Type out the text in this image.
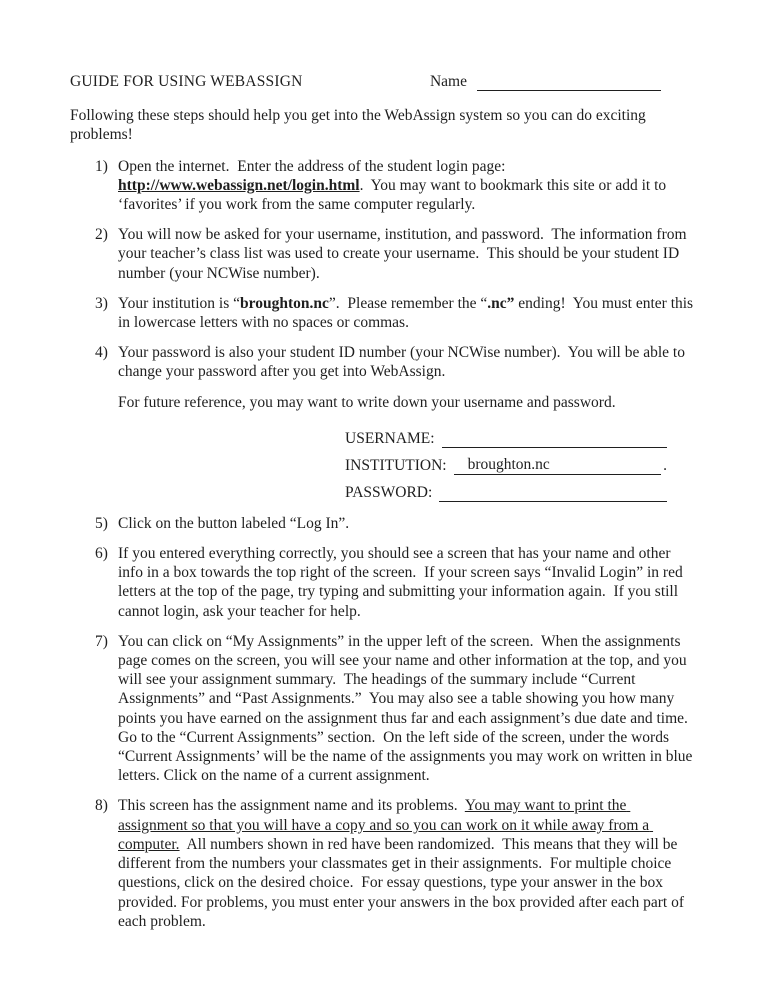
GUIDE FOR USING WEBASSIGN	Name

Following these steps should help you get into the WebAssign system so you can do exciting problems!

1) Open the internet.  Enter the address of the student login page: http://www.webassign.net/login.html.  You may want to bookmark this site or add it to ‘favorites’ if you work from the same computer regularly.

2) You will now be asked for your username, institution, and password.  The information from your teacher’s class list was used to create your username.  This should be your student ID number (your NCWise number).

3) Your institution is “broughton.nc”.  Please remember the “.nc” ending!  You must enter this in lowercase letters with no spaces or commas.

4) Your password is also your student ID number (your NCWise number).  You will be able to change your password after you get into WebAssign.

For future reference, you may want to write down your username and password.

USERNAME:
INSTITUTION:	broughton.nc	.
PASSWORD:
5) Click on the button labeled “Log In”.

6) If you entered everything correctly, you should see a screen that has your name and other info in a box towards the top right of the screen.  If your screen says “Invalid Login” in red letters at the top of the page, try typing and submitting your information again.  If you still cannot login, ask your teacher for help.

7) You can click on “My Assignments” in the upper left of the screen.  When the assignments page comes on the screen, you will see your name and other information at the top, and you will see your assignment summary.  The headings of the summary include “Current Assignments” and “Past Assignments.”  You may also see a table showing you how many points you have earned on the assignment thus far and each assignment’s due date and time.  Go to the “Current Assignments” section.  On the left side of the screen, under the words “Current Assignments’ will be the name of the assignments you may work on written in blue letters. Click on the name of a current assignment.

8) This screen has the assignment name and its problems.  You may want to print the assignment so that you will have a copy and so you can work on it while away from a computer.  All numbers shown in red have been randomized.  This means that they will be different from the numbers your classmates get in their assignments.  For multiple choice questions, click on the desired choice.  For essay questions, type your answer in the box provided. For problems, you must enter your answers in the box provided after each part of each problem.
